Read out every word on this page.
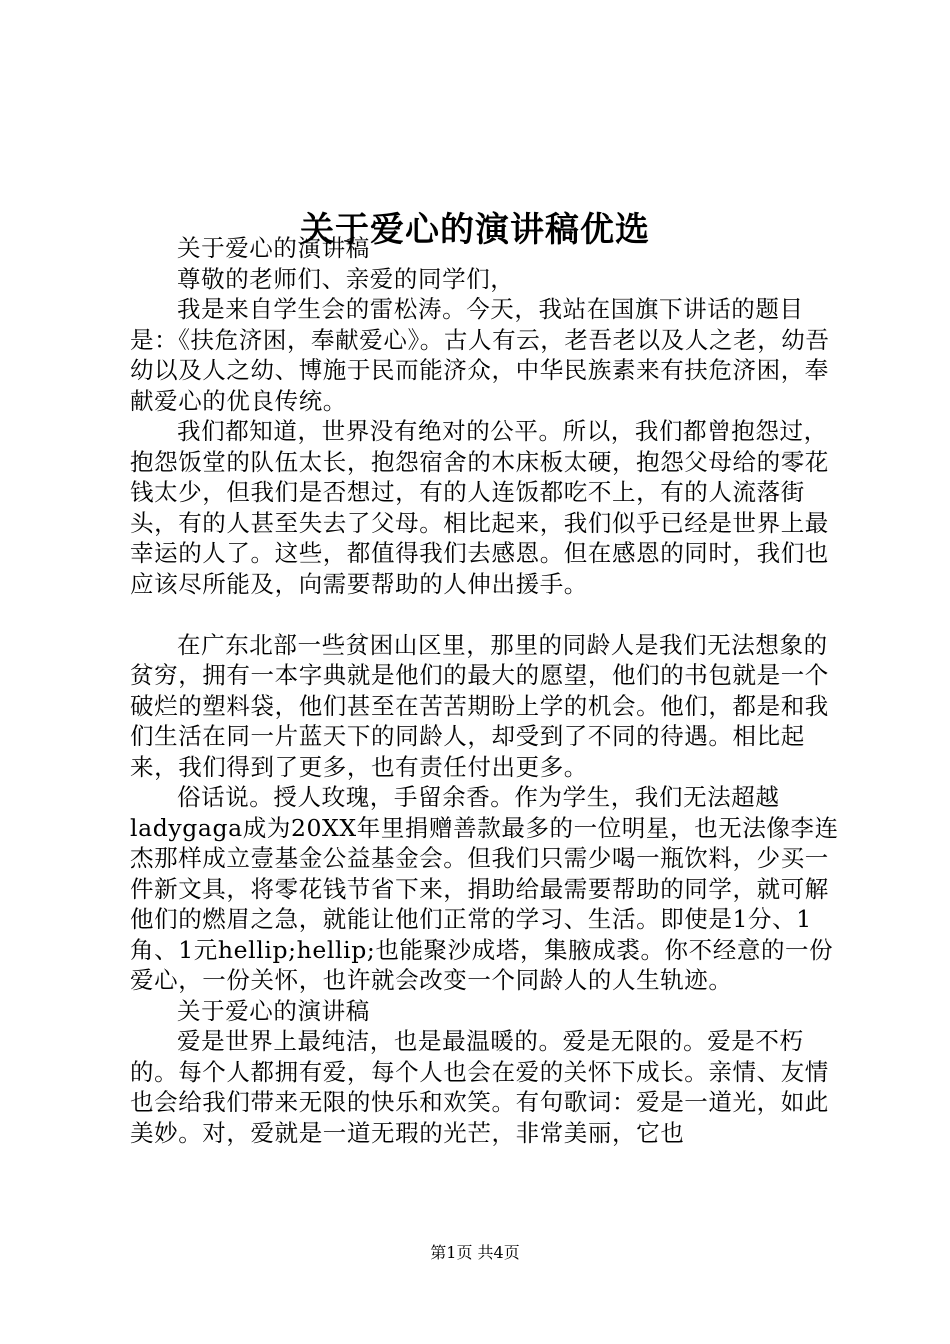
关于爱心的演讲稿优选

关于爱心的演讲稿

尊敬的老师们、亲爱的同学们，

我是来自学生会的雷松涛。今天，我站在国旗下讲话的题目是：《扶危济困，奉献爱心》。古人有云，老吾老以及人之老，幼吾幼以及人之幼、博施于民而能济众，中华民族素来有扶危济困，奉献爱心的优良传统。

我们都知道，世界没有绝对的公平。所以，我们都曾抱怨过，抱怨饭堂的队伍太长，抱怨宿舍的木床板太硬，抱怨父母给的零花钱太少，但我们是否想过，有的人连饭都吃不上，有的人流落街头，有的人甚至失去了父母。相比起来，我们似乎已经是世界上最幸运的人了。这些，都值得我们去感恩。但在感恩的同时，我们也应该尽所能及，向需要帮助的人伸出援手。

在广东北部一些贫困山区里，那里的同龄人是我们无法想象的贫穷，拥有一本字典就是他们的最大的愿望，他们的书包就是一个破烂的塑料袋，他们甚至在苦苦期盼上学的机会。他们，都是和我们生活在同一片蓝天下的同龄人，却受到了不同的待遇。相比起来，我们得到了更多，也有责任付出更多。

俗话说。授人玫瑰，手留余香。作为学生，我们无法超越ladygaga成为20XX年里捐赠善款最多的一位明星，也无法像李连杰那样成立壹基金公益基金会。但我们只需少喝一瓶饮料，少买一件新文具，将零花钱节省下来，捐助给最需要帮助的同学，就可解他们的燃眉之急，就能让他们正常的学习、生活。即使是1分、1角、1元hellip;hellip;也能聚沙成塔，集腋成裘。你不经意的一份爱心，一份关怀，也许就会改变一个同龄人的人生轨迹。

关于爱心的演讲稿

爱是世界上最纯洁，也是最温暖的。爱是无限的。爱是不朽的。每个人都拥有爱，每个人也会在爱的关怀下成长。亲情、友情也会给我们带来无限的快乐和欢笑。有句歌词：爱是一道光，如此美妙。对，爱就是一道无瑕的光芒，非常美丽，它也

第1页 共4页
